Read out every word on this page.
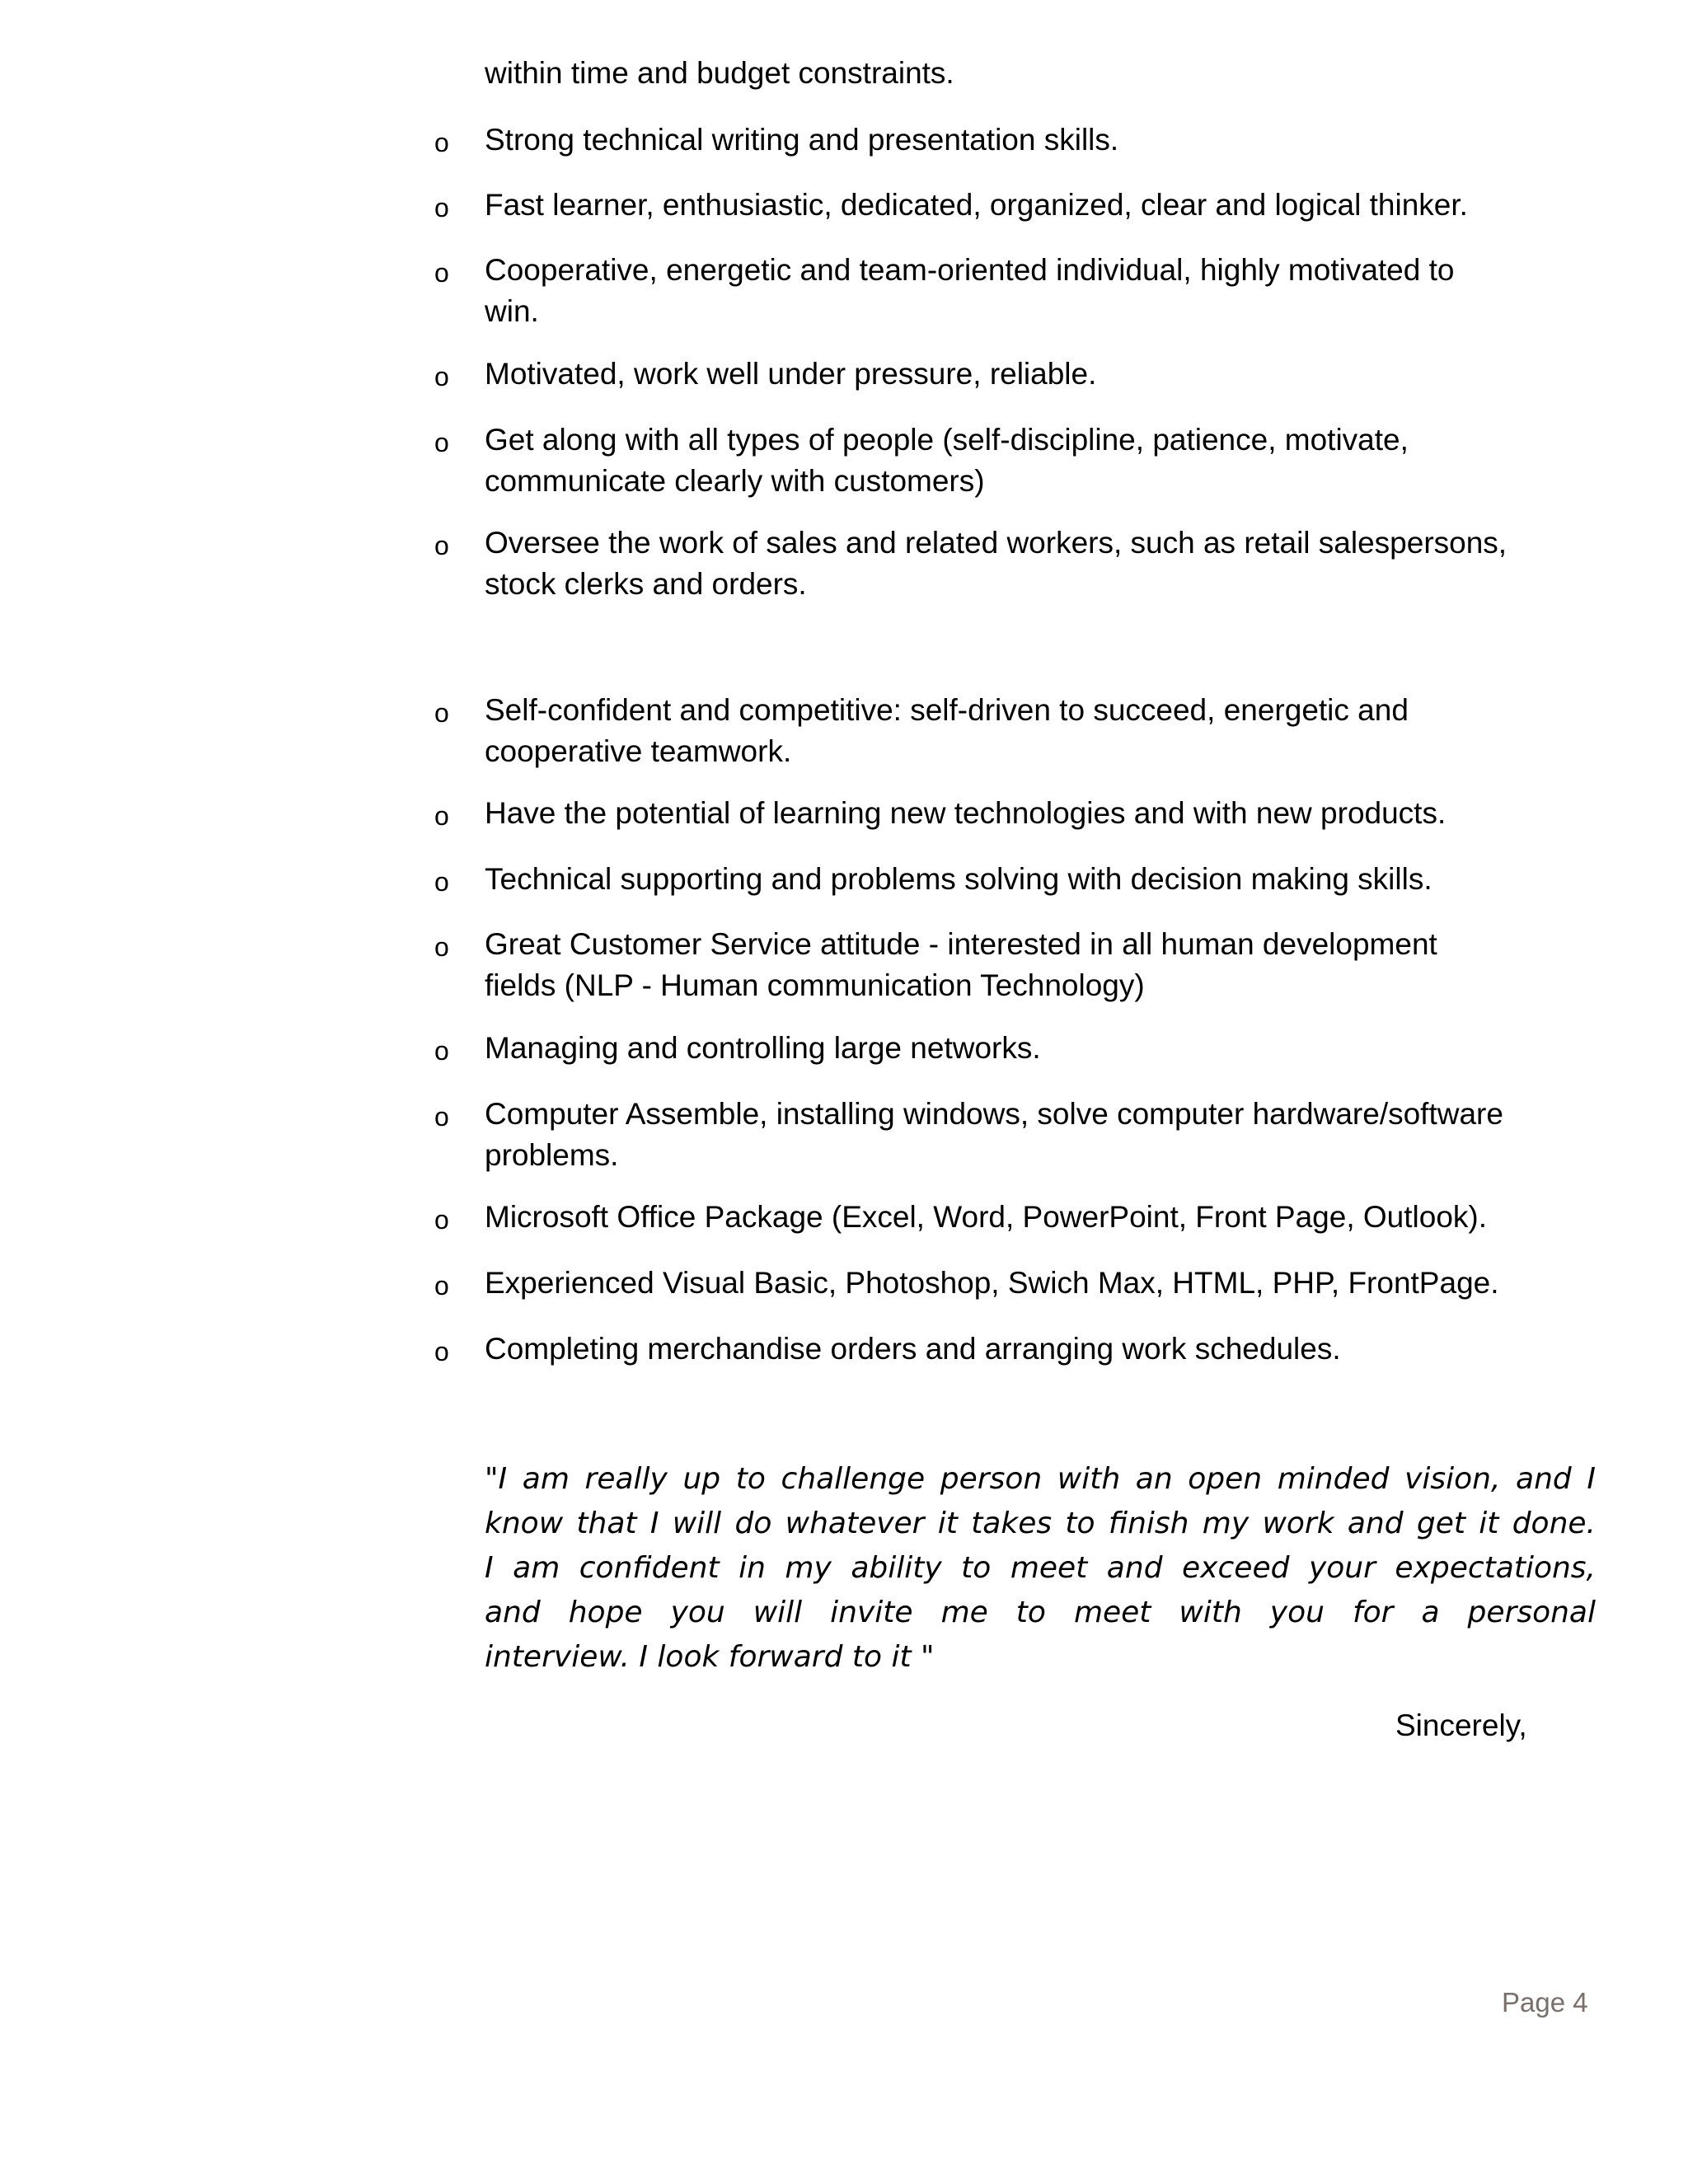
within time and budget constraints.
o Strong technical writing and presentation skills.
o Fast learner, enthusiastic, dedicated, organized, clear and logical thinker.
o Cooperative, energetic and team-oriented individual, highly motivated to
win.
o Motivated, work well under pressure, reliable.
o Get along with all types of people (self-discipline, patience, motivate,
communicate clearly with customers)
o Oversee the work of sales and related workers, such as retail salespersons,
stock clerks and orders.
o Self-confident and competitive: self-driven to succeed, energetic and
cooperative teamwork.
o Have the potential of learning new technologies and with new products.
o Technical supporting and problems solving with decision making skills.
o Great Customer Service attitude - interested in all human development
fields (NLP - Human communication Technology)
o Managing and controlling large networks.
o Computer Assemble, installing windows, solve computer hardware/software
problems.
o Microsoft Office Package (Excel, Word, PowerPoint, Front Page, Outlook).
o Experienced Visual Basic, Photoshop, Swich Max, HTML, PHP, FrontPage.
o Completing merchandise orders and arranging work schedules.
"I am really up to challenge person with an open minded vision, and I
know that I will do whatever it takes to finish my work and get it done.
I am confident in my ability to meet and exceed your expectations,
and hope you will invite me to meet with you for a personal
interview. I look forward to it "
Sincerely,
Page 4
